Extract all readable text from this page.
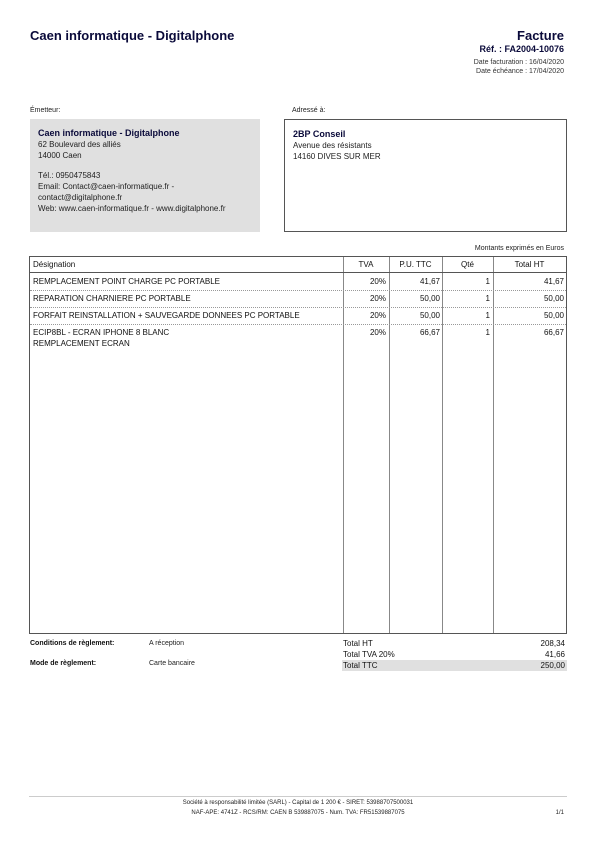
Caen informatique - Digitalphone	Facture
Réf. : FA2004-10076
Date facturation : 16/04/2020
Date échéance : 17/04/2020
Émetteur:	Adressé à:
Caen informatique - Digitalphone
62 Boulevard des alliés
14000 Caen
Tél.: 0950475843
Email: Contact@caen-informatique.fr -
contact@digitalphone.fr
Web: www.caen-informatique.fr - www.digitalphone.fr
2BP Conseil
Avenue des résistants
14160 DIVES SUR MER
Montants exprimés en Euros
Désignation	TVA	P.U. TTC	Qté	Total HT
REMPLACEMENT POINT CHARGE PC PORTABLE	20%	41,67	1	41,67
REPARATION CHARNIERE PC PORTABLE	20%	50,00	1	50,00
FORFAIT REINSTALLATION + SAUVEGARDE DONNEES PC PORTABLE	20%	50,00	1	50,00
ECIP8BL - ECRAN IPHONE 8 BLANC
REMPLACEMENT ECRAN
20%	66,67	1	66,67
Conditions de règlement:	A réception
Mode de règlement:	Carte bancaire
Total HT	208,34
Total TVA 20%	41,66
Total TTC	250,00
Société à responsabilité limitée (SARL) - Capital de 1 200 € - SIRET: 53988707500031
NAF-APE: 4741Z - RCS/RM: CAEN B 539887075 - Num. TVA: FR51539887075	1/1
